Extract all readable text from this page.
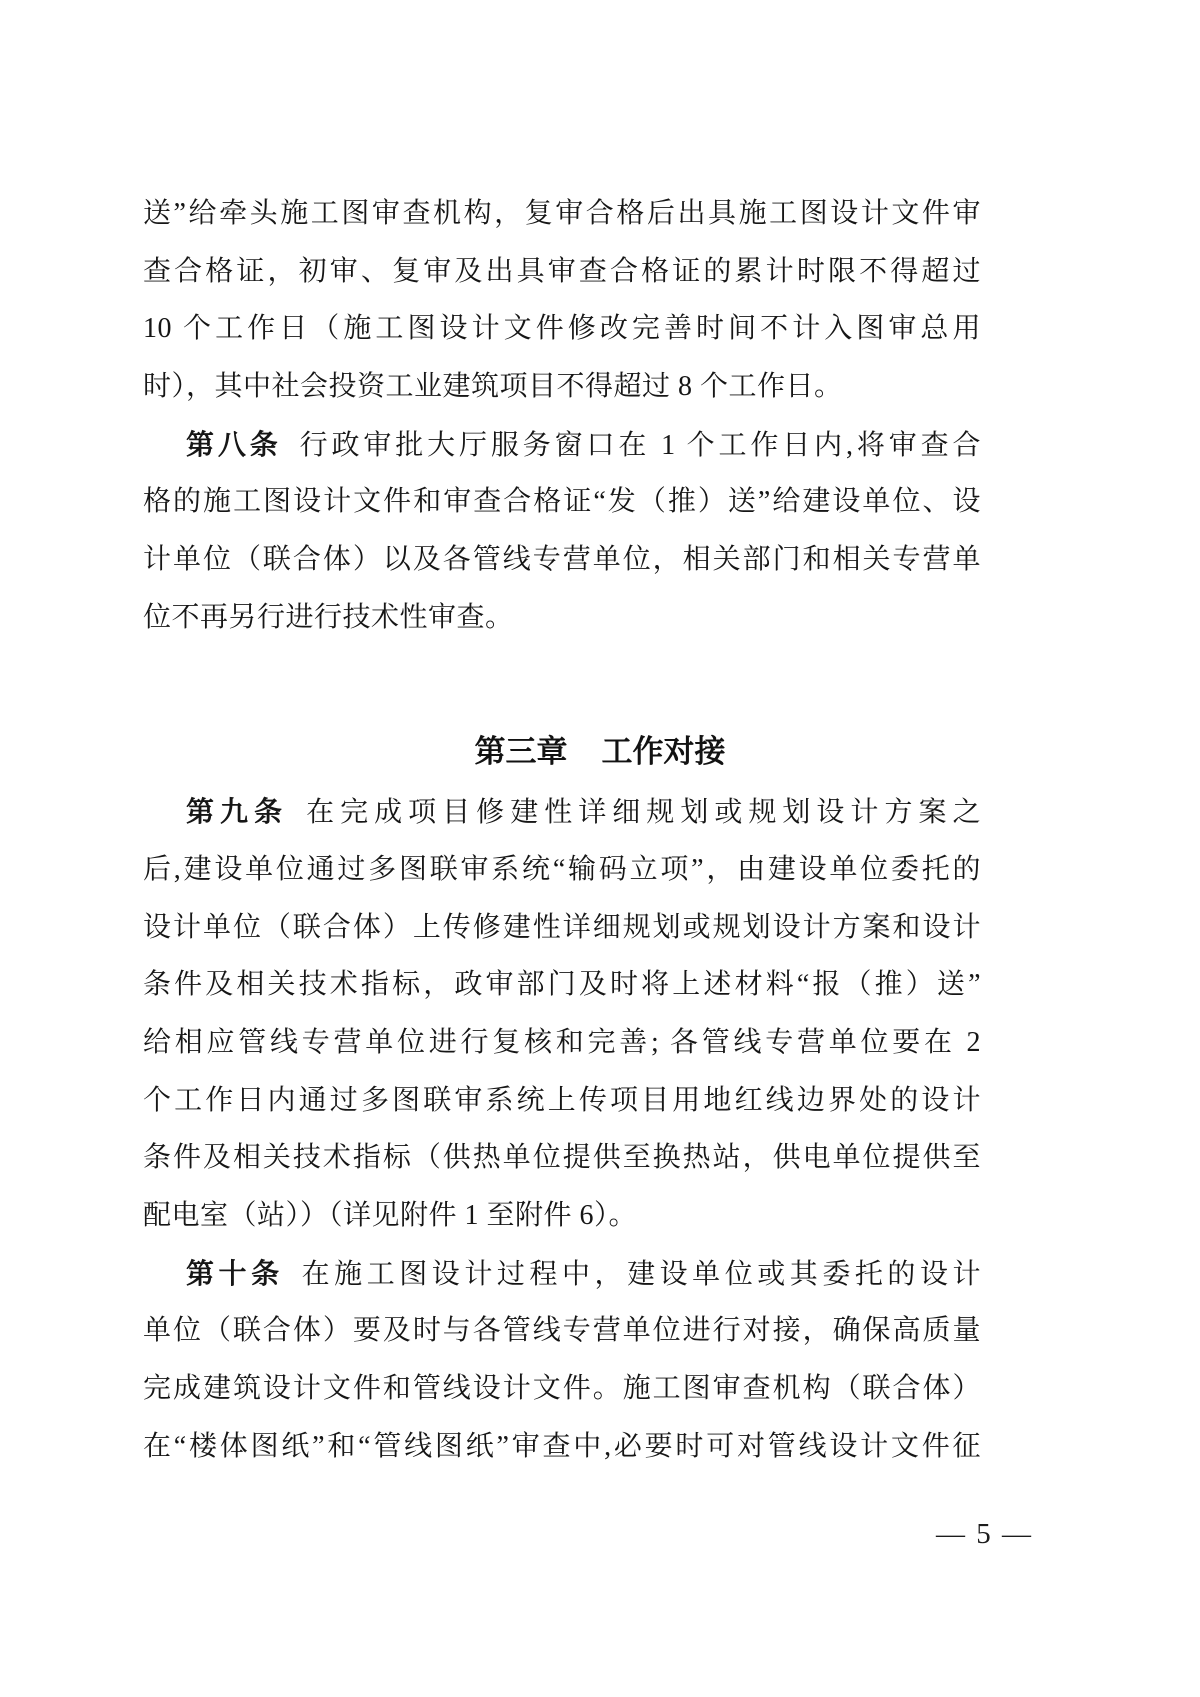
送”给牵头施工图审查机构，复审合格后出具施工图设计文件审
查合格证，初审、复审及出具审查合格证的累计时限不得超过
10 个工作日（施工图设计文件修改完善时间不计入图审总用
时），其中社会投资工业建筑项目不得超过 8 个工作日。
第八条 行政审批大厅服务窗口在 1 个工作日内,将审查合
格的施工图设计文件和审查合格证“发（推）送”给建设单位、设
计单位（联合体）以及各管线专营单位，相关部门和相关专营单
位不再另行进行技术性审查。
第三章 工作对接
第九条 在完成项目修建性详细规划或规划设计方案之
后,建设单位通过多图联审系统“输码立项”，由建设单位委托的
设计单位（联合体）上传修建性详细规划或规划设计方案和设计
条件及相关技术指标，政审部门及时将上述材料“报（推）送”
给相应管线专营单位进行复核和完善; 各管线专营单位要在 2
个工作日内通过多图联审系统上传项目用地红线边界处的设计
条件及相关技术指标（供热单位提供至换热站，供电单位提供至
配电室（站））（详见附件 1 至附件 6）。
第十条 在施工图设计过程中，建设单位或其委托的设计
单位（联合体）要及时与各管线专营单位进行对接，确保高质量
完成建筑设计文件和管线设计文件。施工图审查机构（联合体）
在“楼体图纸”和“管线图纸”审查中,必要时可对管线设计文件征
— 5 —
